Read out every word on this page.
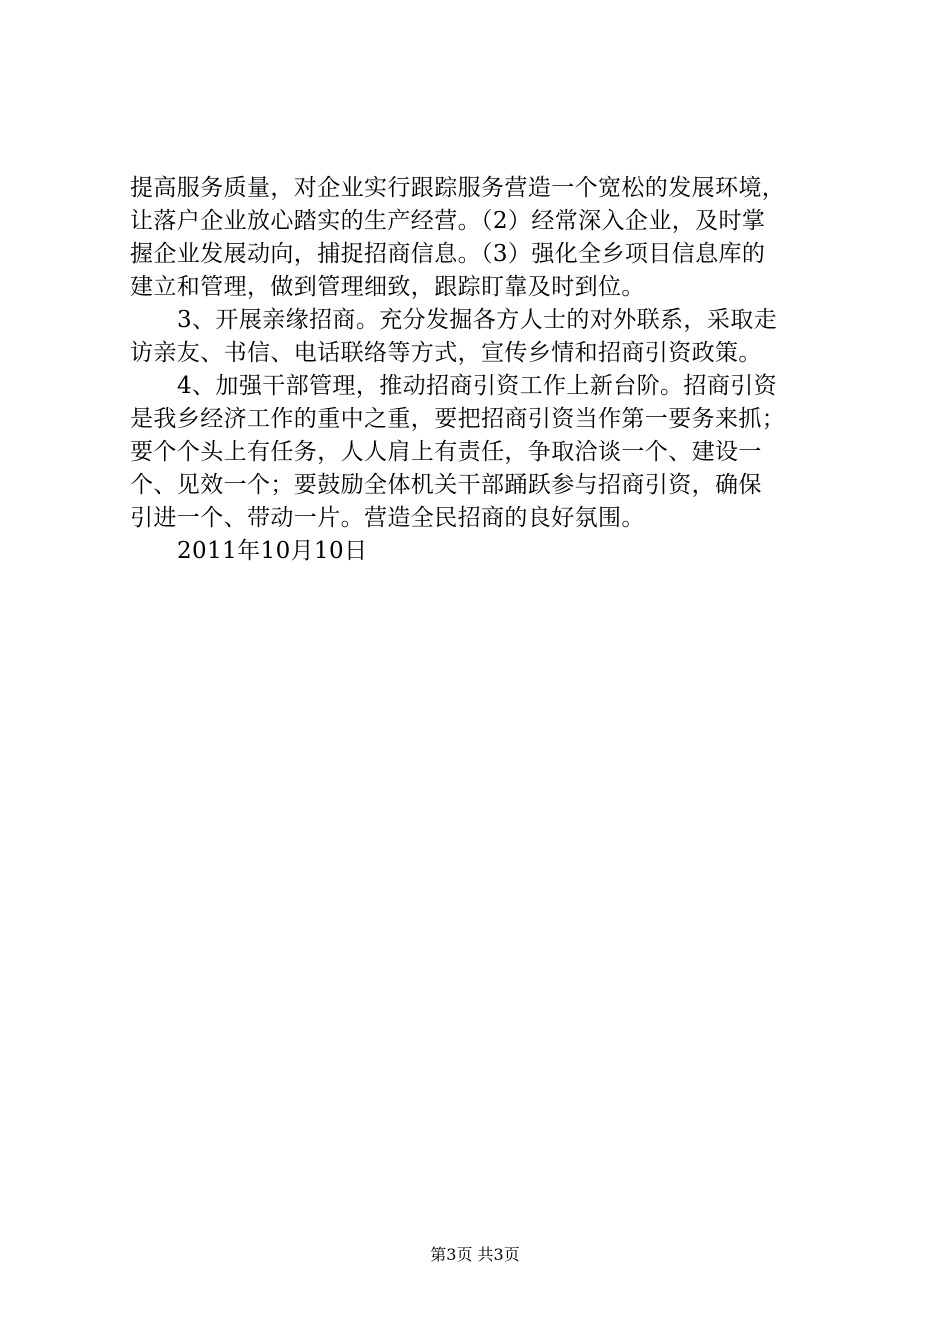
提高服务质量，对企业实行跟踪服务营造一个宽松的发展环境，
让落户企业放心踏实的生产经营。（2）经常深入企业，及时掌
握企业发展动向，捕捉招商信息。（3）强化全乡项目信息库的
建立和管理，做到管理细致，跟踪盯靠及时到位。
3、开展亲缘招商。充分发掘各方人士的对外联系，采取走
访亲友、书信、电话联络等方式，宣传乡情和招商引资政策。
4、加强干部管理，推动招商引资工作上新台阶。招商引资
是我乡经济工作的重中之重，要把招商引资当作第一要务来抓；
要个个头上有任务，人人肩上有责任，争取洽谈一个、建设一
个、见效一个；要鼓励全体机关干部踊跃参与招商引资，确保
引进一个、带动一片。营造全民招商的良好氛围。
2011年10月10日
第3页 共3页
